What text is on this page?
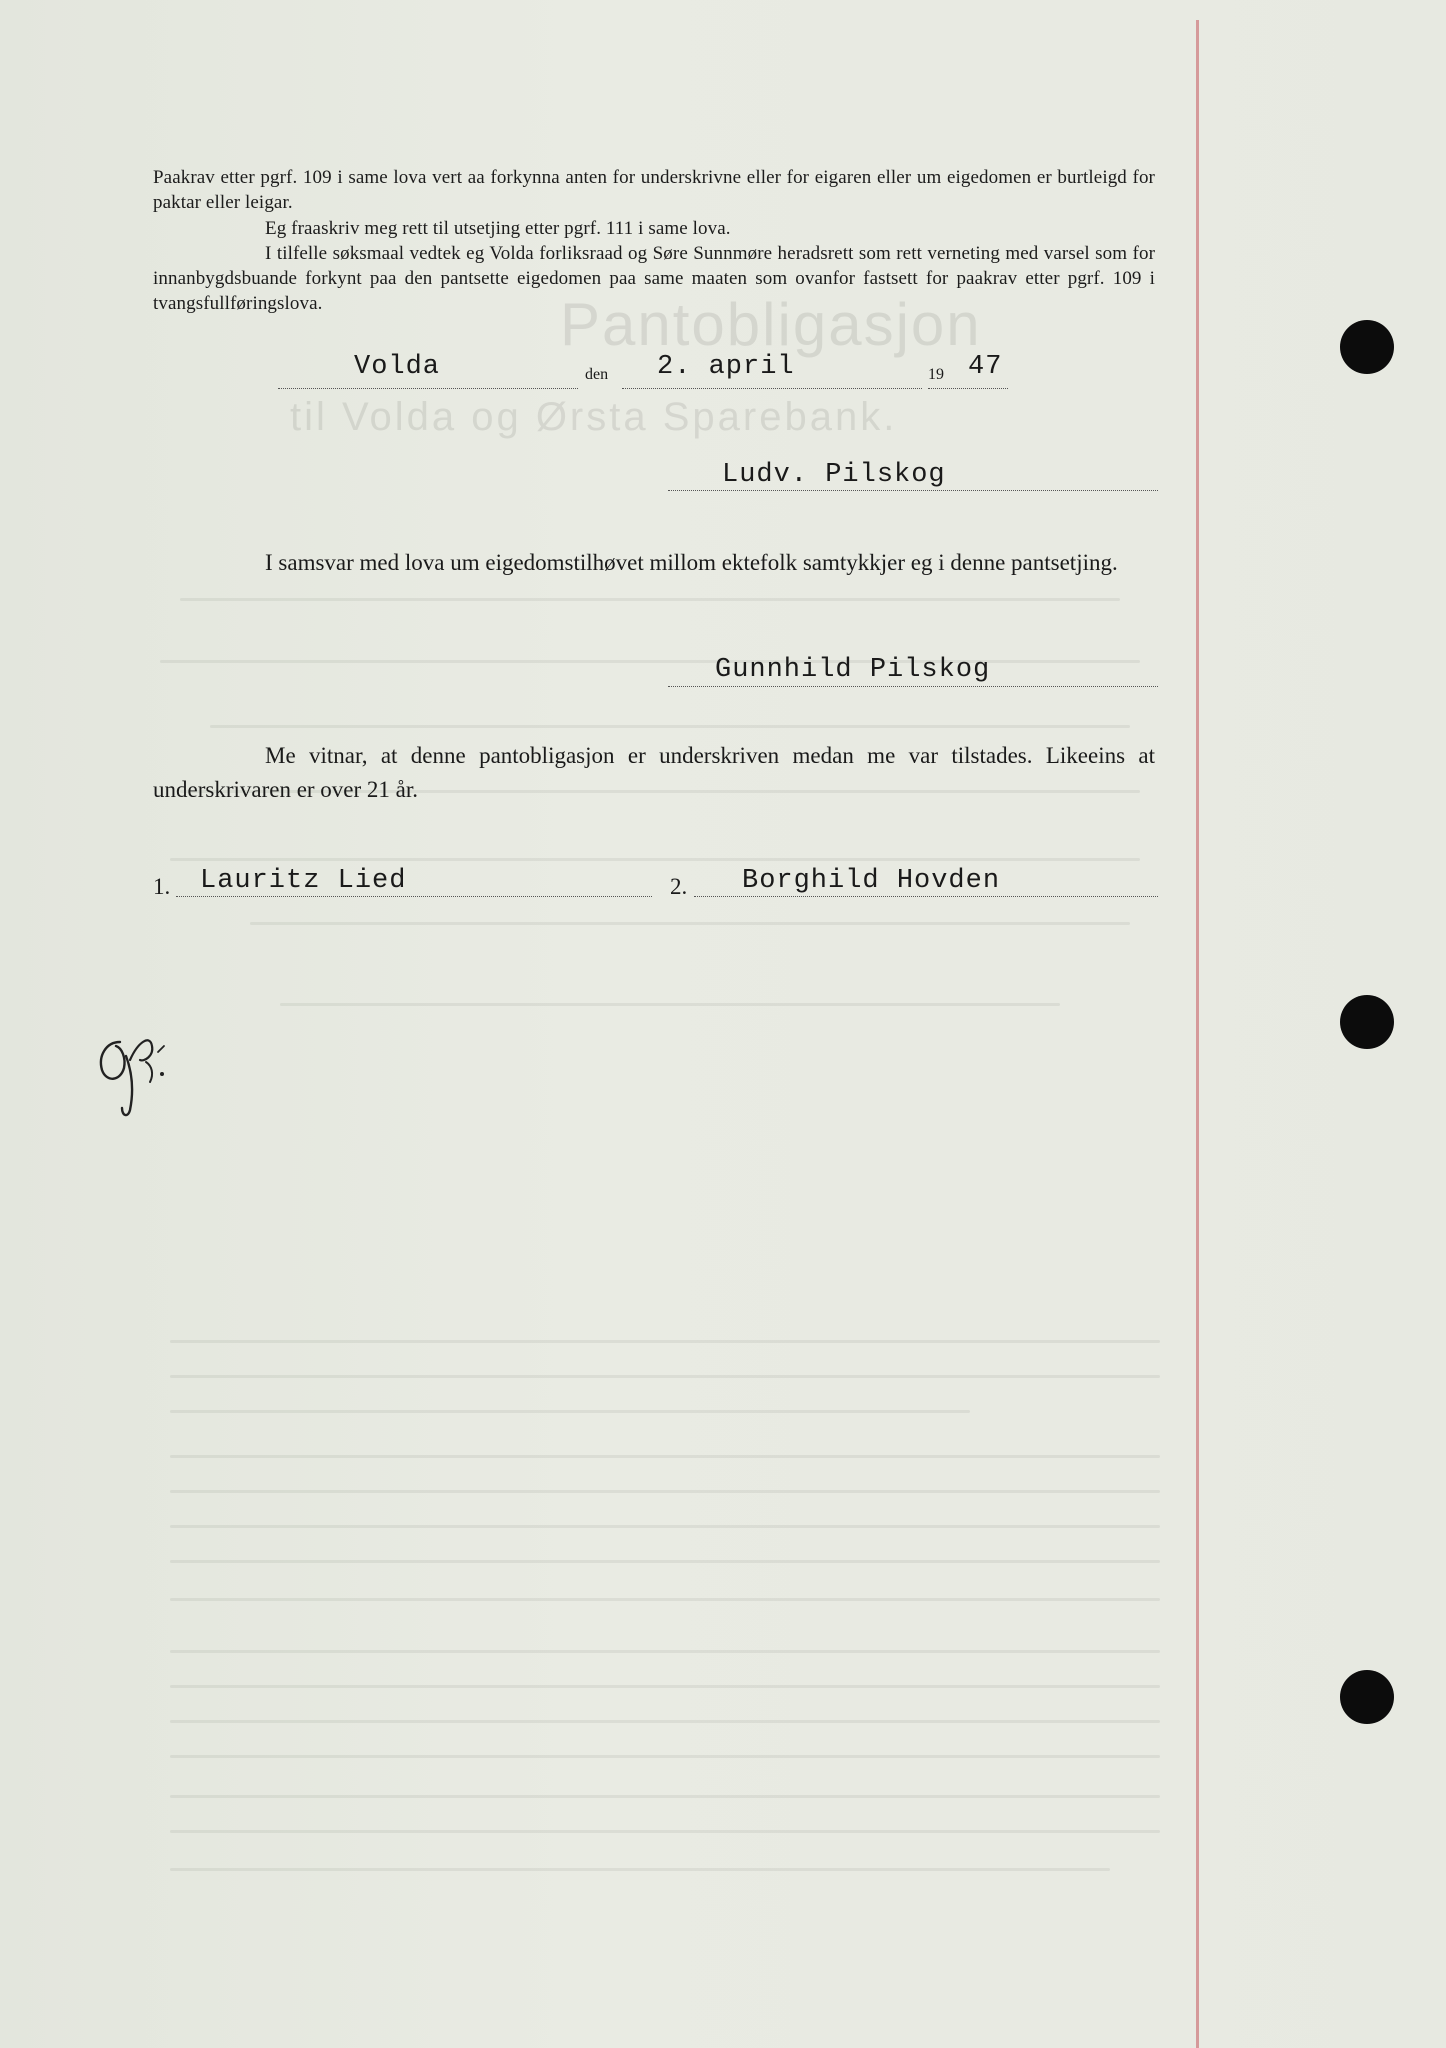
Pantobligasjon
til Volda og Ørsta Sparebank.
Paakrav etter pgrf. 109 i same lova vert aa forkynna anten for underskrivne eller for eigaren eller um eigedomen er burtleigd for paktar eller leigar.
Eg fraaskriv meg rett til utsetjing etter pgrf. 111 i same lova.
I tilfelle søksmaal vedtek eg Volda forliksraad og Søre Sunnmøre heradsrett som rett verneting med varsel som for innanbygdsbuande forkynt paa den pantsette eigedomen paa same maaten som ovanfor fastsett for paakrav etter pgrf. 109 i tvangsfullføringslova.
Volda	den 2. april	19 47
Ludv. Pilskog
I samsvar med lova um eigedomstilhøvet millom ektefolk samtykkjer eg i denne pantsetjing.
Gunnhild Pilskog
Me vitnar, at denne pantobligasjon er underskriven medan me var tilstades. Likeeins at underskrivaren er over 21 år.
1. Lauritz Lied	2. Borghild Hovden
